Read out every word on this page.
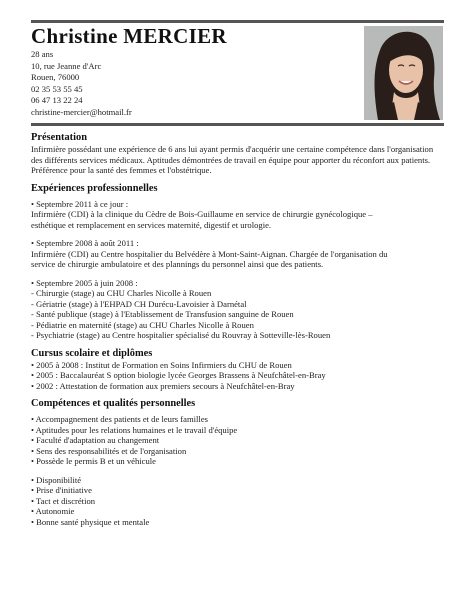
Christine MERCIER
28 ans
10, rue Jeanne d'Arc
Rouen, 76000
02 35 53 55 45
06 47 13 22 24
christine-mercier@hotmail.fr
Présentation

Infirmière possédant une expérience de 6 ans lui ayant permis d'acquérir une certaine compétence dans l'organisation des différents services médicaux. Aptitudes démontrées de travail en équipe pour apporter du réconfort aux patients. Préférence pour la santé des femmes et l'obstétrique.

Expériences professionnelles
• Septembre 2011 à ce jour :
Infirmière (CDI) à la clinique du Cèdre de Bois-Guillaume en service de chirurgie gynécologique –
esthétique et remplacement en services maternité, digestif et urologie.
• Septembre 2008 à août 2011 :
Infirmière (CDI) au Centre hospitalier du Belvédère à Mont-Saint-Aignan. Chargée de l'organisation du
service de chirurgie ambulatoire et des plannings du personnel ainsi que des patients.
• Septembre 2005 à juin 2008 :
- Chirurgie (stage) au CHU Charles Nicolle à Rouen
- Gériatrie (stage) à l'EHPAD CH Durécu-Lavoisier à Darnétal
- Santé publique (stage) à l'Etablissement de Transfusion sanguine de Rouen
- Pédiatrie en maternité (stage) au CHU Charles Nicolle à Rouen
- Psychiatrie (stage) au Centre hospitalier spécialisé du Rouvray à Sotteville-lès-Rouen
Cursus scolaire et diplômes
• 2005 à 2008 : Institut de Formation en Soins Infirmiers du CHU de Rouen
• 2005 : Baccalauréat S option biologie lycée Georges Brassens à Neufchâtel-en-Bray
• 2002 : Attestation de formation aux premiers secours à Neufchâtel-en-Bray
Compétences et qualités personnelles
• Accompagnement des patients et de leurs familles
• Aptitudes pour les relations humaines et le travail d'équipe
• Faculté d'adaptation au changement
• Sens des responsabilités et de l'organisation
• Possède le permis B et un véhicule
• Disponibilité
• Prise d'initiative
• Tact et discrétion
• Autonomie
• Bonne santé physique et mentale
